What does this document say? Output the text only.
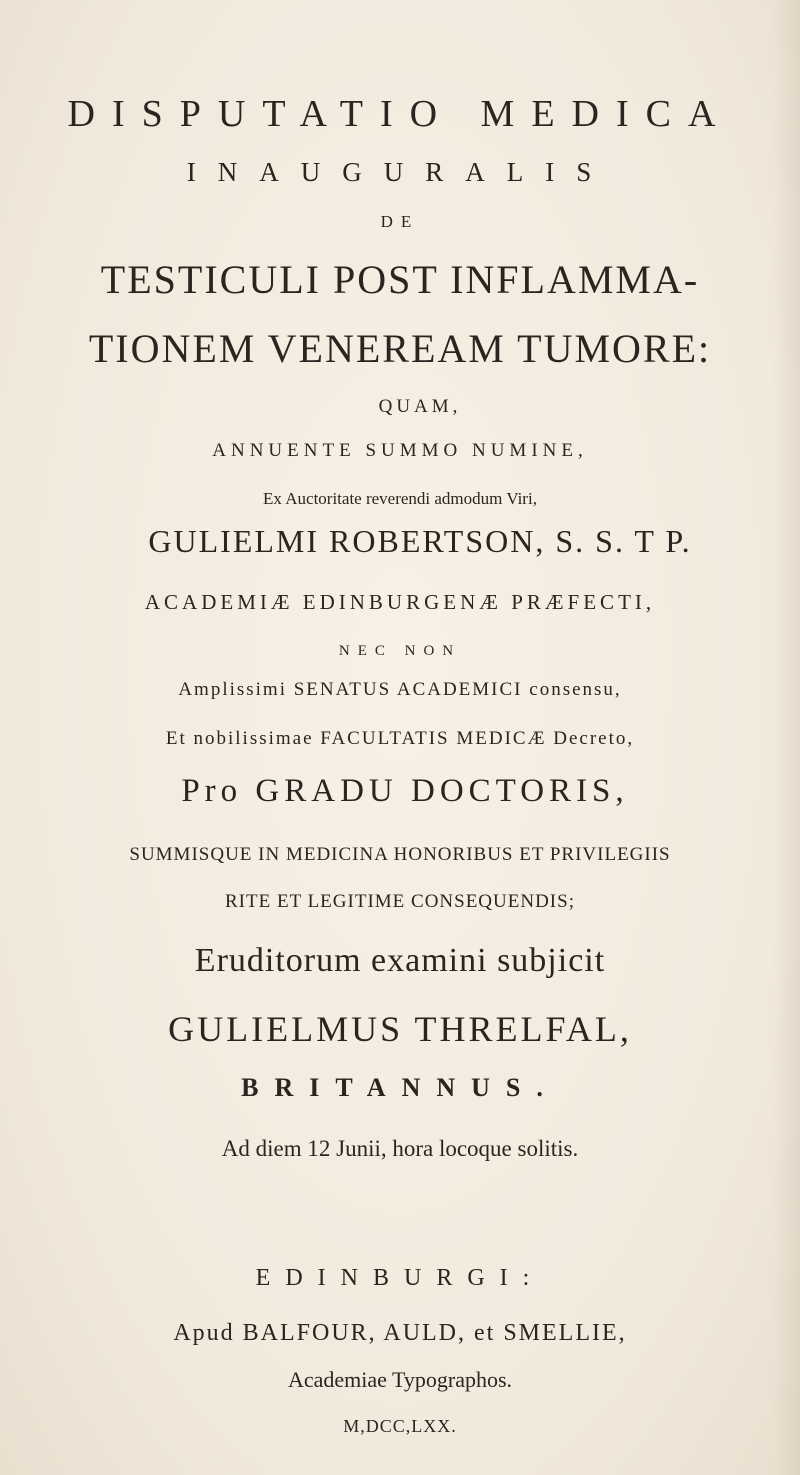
DISPUTATIO MEDICA
INAUGURALIS
DE
TESTICULI POST INFLAMMA-
TIONEM VENEREAM TUMORE:
QUAM,
ANNUENTE SUMMO NUMINE,
Ex Auctoritate reverendi admodum Viri,
GULIELMI ROBERTSON, S. S. T P.
ACADEMIÆ EDINBURGENÆ PRÆFECTI,
NEC NON
Amplissimi SENATUS ACADEMICI consensu,
Et nobilissimae FACULTATIS MEDICÆ Decreto,
Pro GRADU DOCTORIS,
SUMMISQUE IN MEDICINA HONORIBUS ET PRIVILEGIIS
RITE ET LEGITIME CONSEQUENDIS;
Eruditorum examini subjicit
GULIELMUS THRELFAL,
BRITANNUS.
Ad diem 12 Junii, hora locoque solitis.
EDINBURGI:
Apud BALFOUR, AULD, et SMELLIE,
Academiae Typographos.
M,DCC,LXX.
